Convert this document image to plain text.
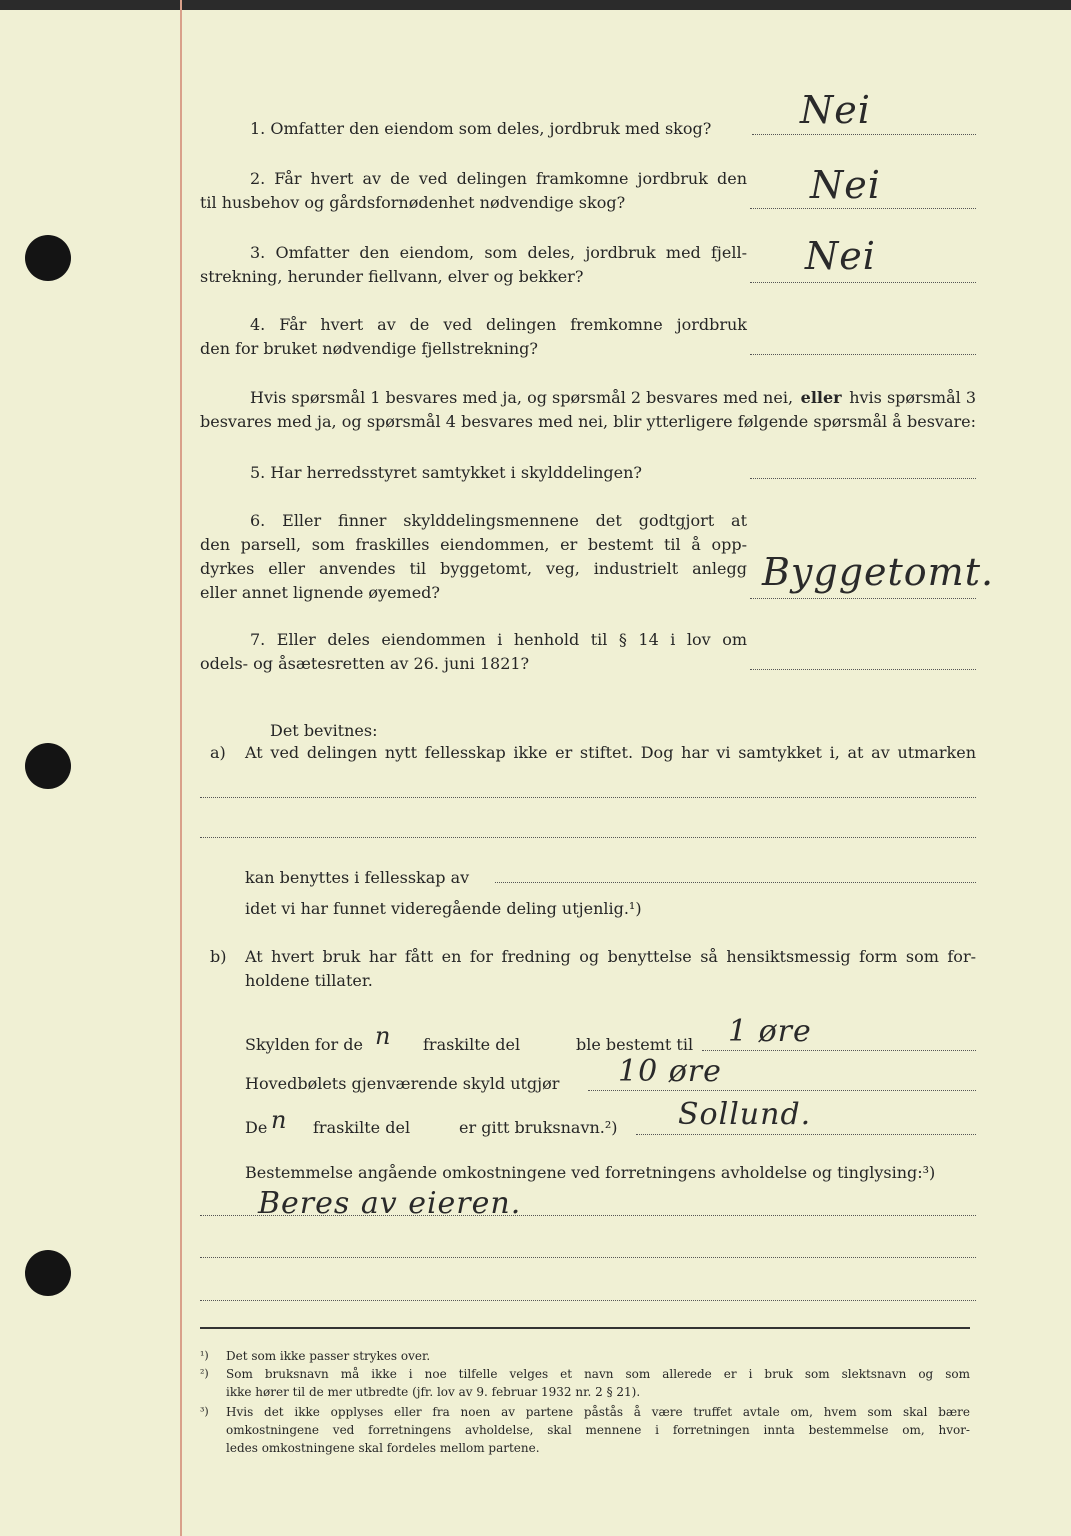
1. Omfatter den eiendom som deles, jordbruk med skog? Nei
2. Får hvert av de ved delingen framkomne jordbruk den
til husbehov og gårdsfornødenhet nødvendige skog?	Nei
3. Omfatter den eiendom, som deles, jordbruk med fjell-
strekning, herunder fiellvann, elver og bekker?	Nei
4. Får hvert av de ved delingen fremkomne jordbruk
den for bruket nødvendige fjellstrekning?
Hvis spørsmål 1 besvares med ja, og spørsmål 2 besvares med nei, eller hvis spørsmål 3
besvares med ja, og spørsmål 4 besvares med nei, blir ytterligere følgende spørsmål å besvare:
5. Har herredsstyret samtykket i skylddelingen?
6. Eller finner skylddelingsmennene det godtgjort at
den parsell, som fraskilles eiendommen, er bestemt til å opp-
dyrkes eller anvendes til byggetomt, veg, industrielt anlegg
eller annet lignende øyemed?	Byggetomt.
7. Eller deles eiendommen i henhold til § 14 i lov om
odels- og åsætesretten av 26. juni 1821?
Det bevitnes:
a) At ved delingen nytt fellesskap ikke er stiftet. Dog har vi samtykket i, at av utmarken
kan benyttes i fellesskap av
idet vi har funnet videregående deling utjenlig.¹)
b) At hvert bruk har fått en for fredning og benyttelse så hensiktsmessig form som for-
holdene tillater.
Skylden for de n fraskilte del	ble bestemt til 1 øre
Hovedbølets gjenværende skyld utgjør 10 øre
De n fraskilte del	er gitt bruksnavn.²) Sollund.
Bestemmelse angående omkostningene ved forretningens avholdelse og tinglysing:³)
Beres av eieren.
¹) Det som ikke passer strykes over.
²) Som bruksnavn må ikke i noe tilfelle velges et navn som allerede er i bruk som slektsnavn og som
ikke hører til de mer utbredte (jfr. lov av 9. februar 1932 nr. 2 § 21).
³) Hvis det ikke opplyses eller fra noen av partene påstås å være truffet avtale om, hvem som skal bære
omkostningene ved forretningens avholdelse, skal mennene i forretningen innta bestemmelse om, hvor-
ledes omkostningene skal fordeles mellom partene.
